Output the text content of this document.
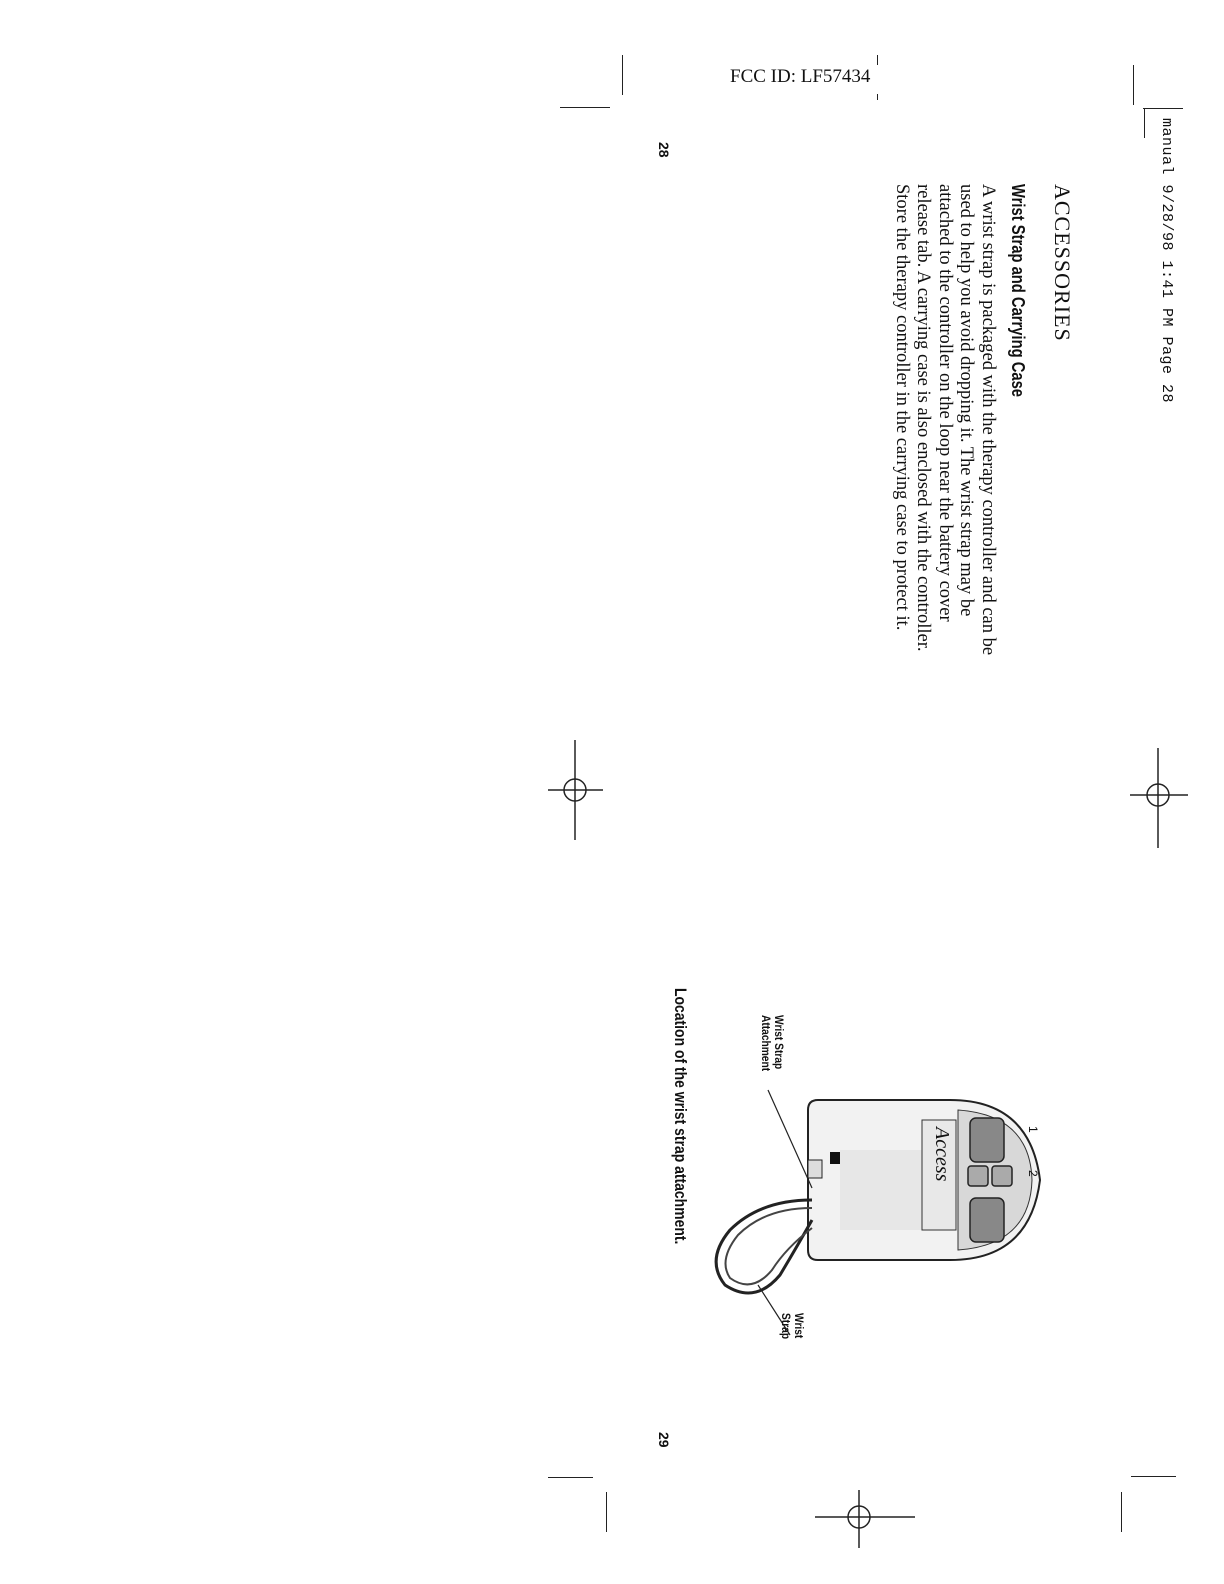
FCC ID: LF57434
manual 9/28/98 1:41 PM Page 28
28
29
ACCESSORIES
Wrist Strap and Carrying Case

A wrist strap is packaged with the therapy controller and can be

used to help you avoid dropping it. The wrist strap may be

attached to the controller on the loop near the battery cover

release tab. A carrying case is also enclosed with the controller.

Store the therapy controller in the carrying case to protect it.

Access	1
2
Wrist Strap
Attachment
Wrist
Strap
Location of the wrist strap attachment.
